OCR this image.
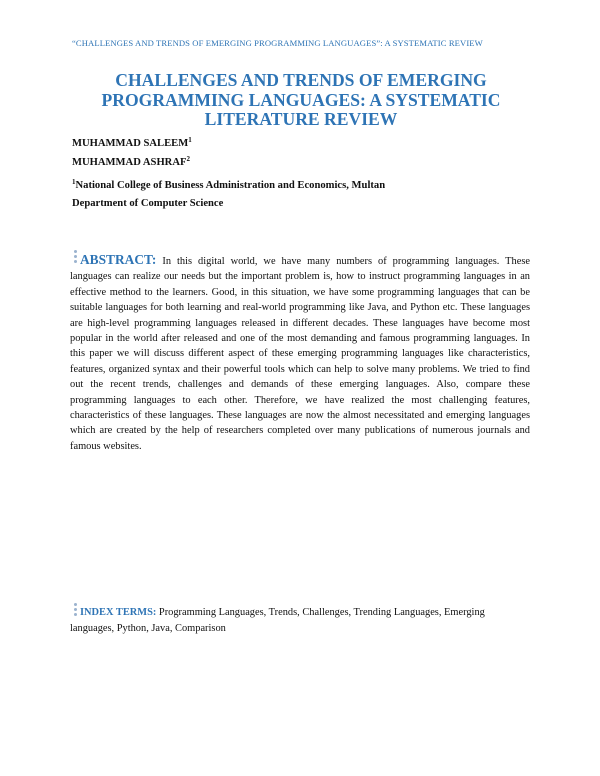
“CHALLENGES AND TRENDS OF EMERGING PROGRAMMING LANGUAGES”: A SYSTEMATIC REVIEW
CHALLENGES AND TRENDS OF EMERGING PROGRAMMING LANGUAGES: A SYSTEMATIC LITERATURE REVIEW
MUHAMMAD SALEEM$^1$
MUHAMMAD ASHRAF$^2$
$^1$National College of Business Administration and Economics, Multan
Department of Computer Science

ABSTRACT: In this digital world, we have many numbers of programming languages. These languages can realize our needs but the important problem is, how to instruct programming languages in an effective method to the learners. Good, in this situation, we have some programming languages that can be suitable languages for both learning and real-world programming like Java, and Python etc. These languages are high-level programming languages released in different decades. These languages have become most popular in the world after released and one of the most demanding and famous programming languages. In this paper we will discuss different aspect of these emerging programming languages like characteristics, features, organized syntax and their powerful tools which can help to solve many problems. We tried to find out the recent trends, challenges and demands of these emerging languages. Also, compare these programming languages to each other. Therefore, we have realized the most challenging features, characteristics of these languages. These languages are now the almost necessitated and emerging languages which are created by the help of researchers completed over many publications of numerous journals and famous websites.

INDEX TERMS: Programming Languages, Trends, Challenges, Trending Languages, Emerging languages, Python, Java, Comparison
